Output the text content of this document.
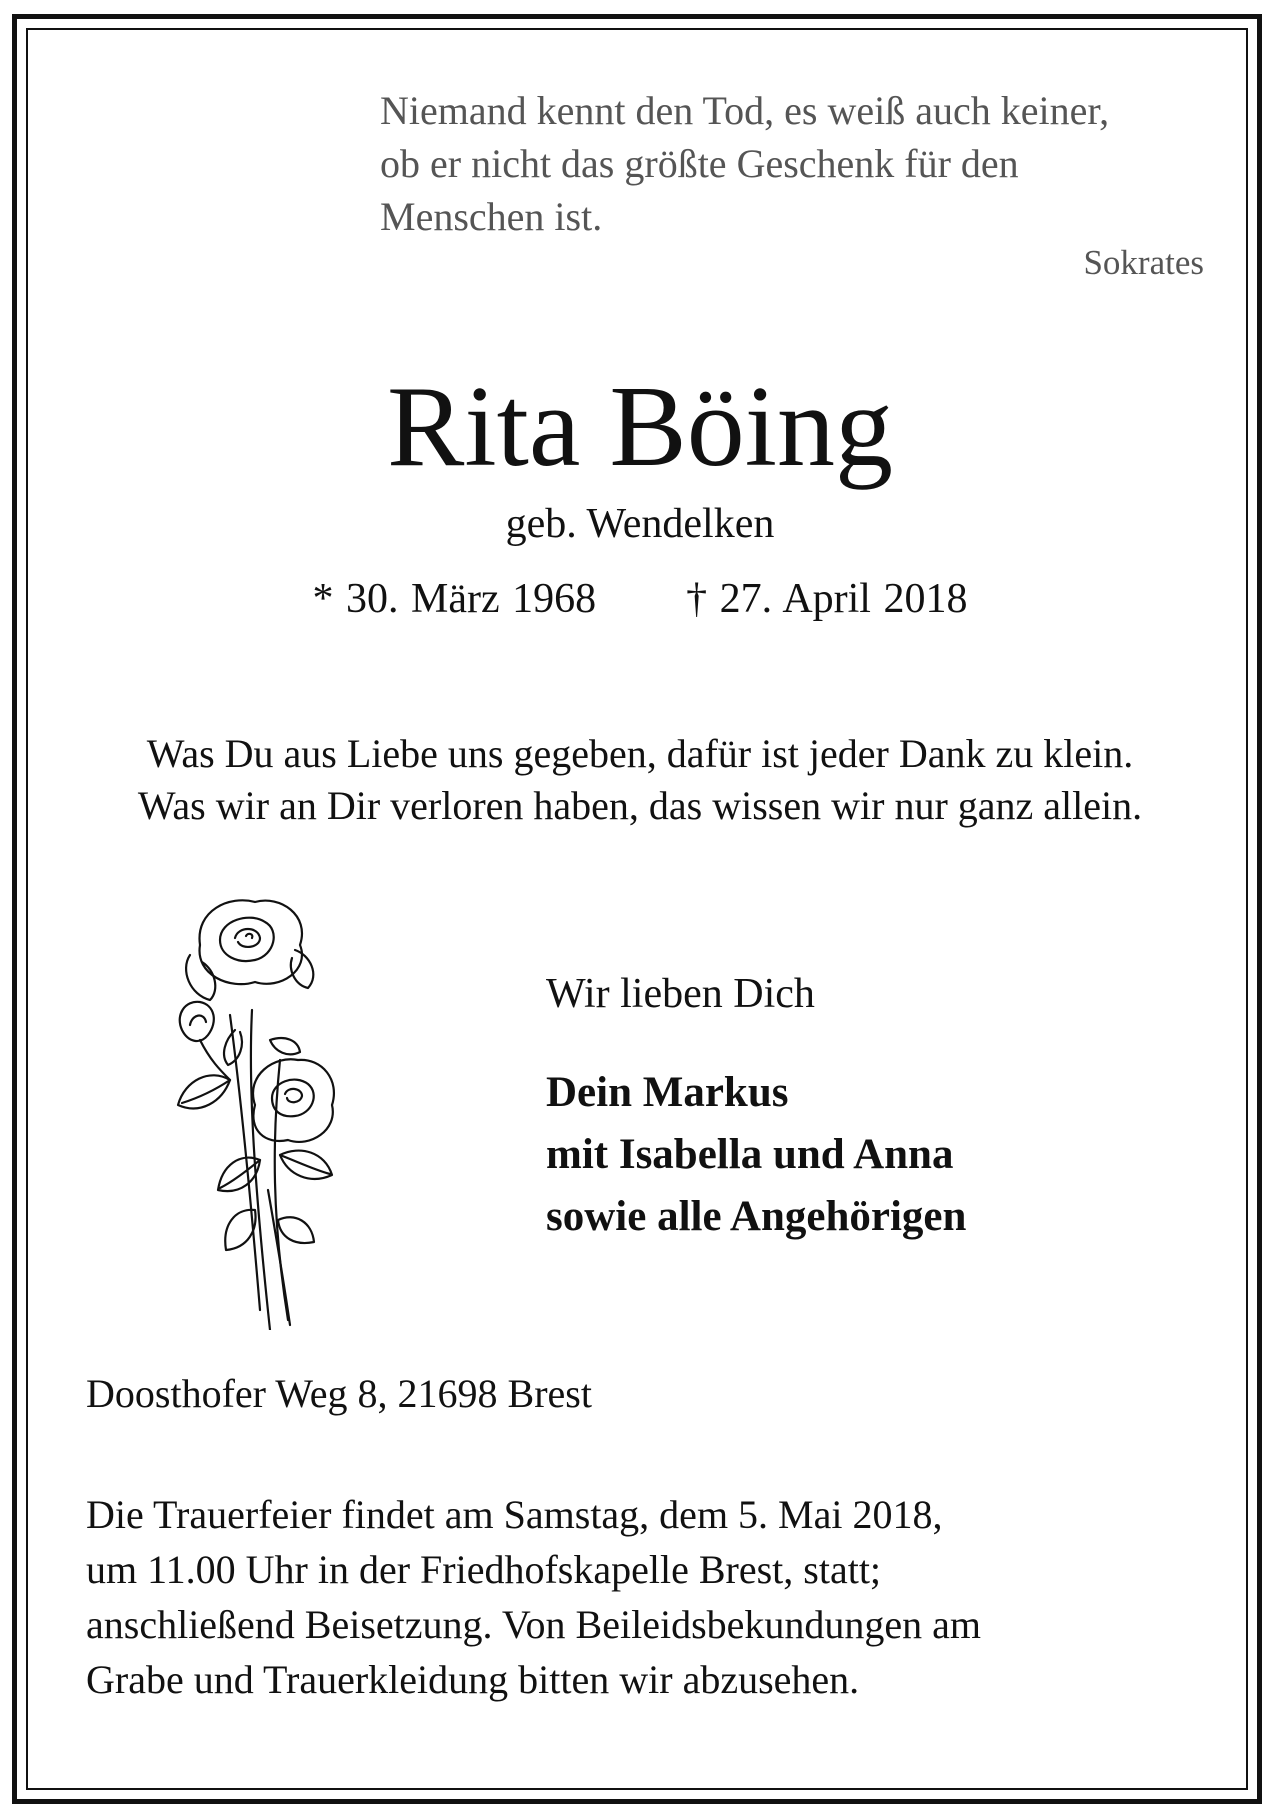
Niemand kennt den Tod, es weiß auch keiner,
ob er nicht das größte Geschenk für den
Menschen ist.
Sokrates
Rita Böing
geb. Wendelken
* 30. März 1968 † 27. April 2018
Was Du aus Liebe uns gegeben, dafür ist jeder Dank zu klein.
Was wir an Dir verloren haben, das wissen wir nur ganz allein.
Wir lieben Dich
Dein Markus
mit Isabella und Anna
sowie alle Angehörigen
Doosthofer Weg 8, 21698 Brest
Die Trauerfeier findet am Samstag, dem 5. Mai 2018,
um 11.00 Uhr in der Friedhofskapelle Brest, statt;
anschließend Beisetzung. Von Beileidsbekundungen am
Grabe und Trauerkleidung bitten wir abzusehen.
